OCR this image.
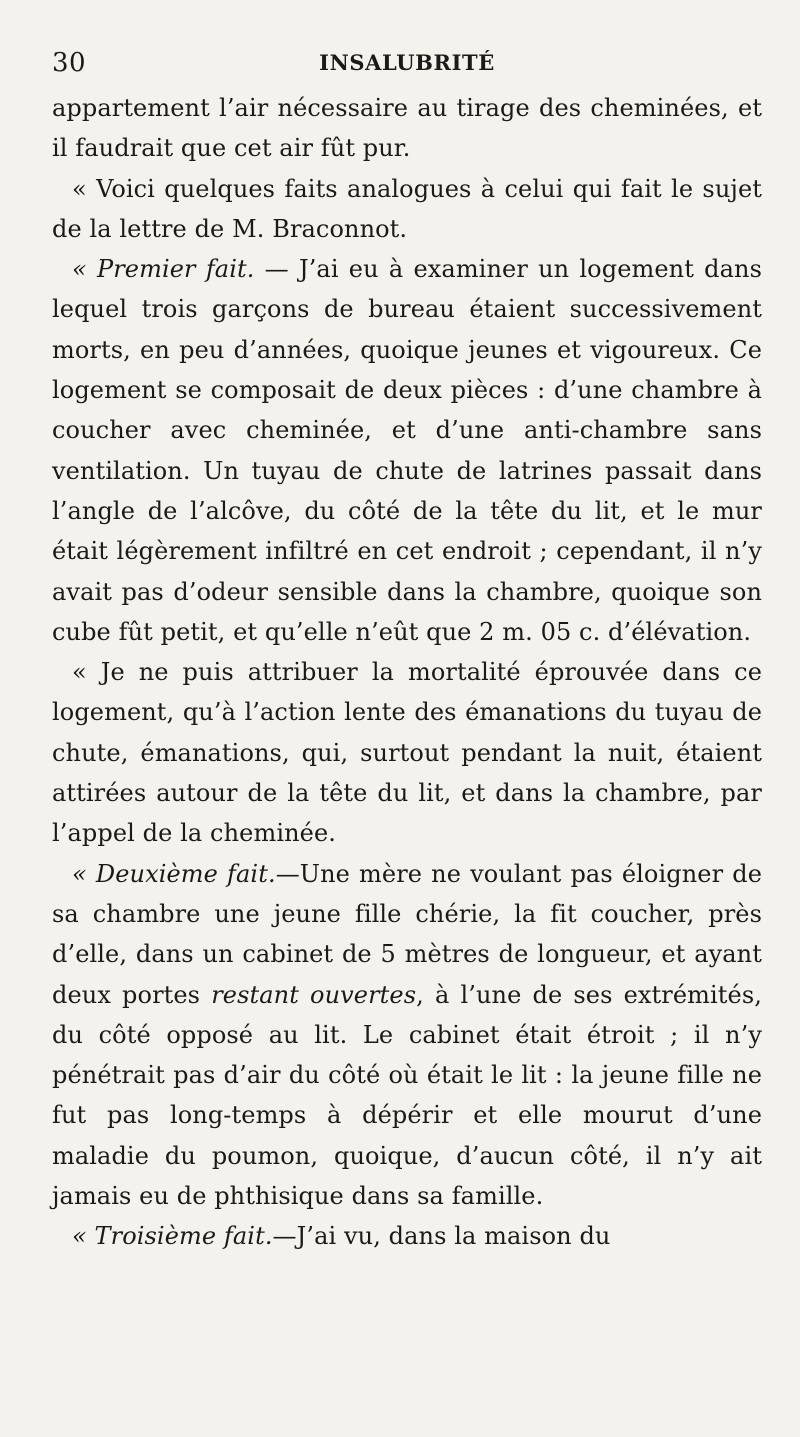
30	INSALUBRITÉ

appartement l’air nécessaire au tirage des cheminées, et il faudrait que cet air fût pur.

« Voici quelques faits analogues à celui qui fait le sujet de la lettre de M. Braconnot.

« Premier fait. — J’ai eu à examiner un logement dans lequel trois garçons de bureau étaient successivement morts, en peu d’années, quoique jeunes et vigoureux. Ce logement se composait de deux pièces : d’une chambre à coucher avec cheminée, et d’une anti-chambre sans ventilation. Un tuyau de chute de latrines passait dans l’angle de l’alcôve, du côté de la tête du lit, et le mur était légèrement infiltré en cet endroit ; cependant, il n’y avait pas d’odeur sensible dans la chambre, quoique son cube fût petit, et qu’elle n’eût que 2 m. 05 c. d’élévation.

« Je ne puis attribuer la mortalité éprouvée dans ce logement, qu’à l’action lente des émanations du tuyau de chute, émanations, qui, surtout pendant la nuit, étaient attirées autour de la tête du lit, et dans la chambre, par l’appel de la cheminée.

« Deuxième fait.—Une mère ne voulant pas éloigner de sa chambre une jeune fille chérie, la fit coucher, près d’elle, dans un cabinet de 5 mètres de longueur, et ayant deux portes restant ouvertes, à l’une de ses extrémités, du côté opposé au lit. Le cabinet était étroit ; il n’y pénétrait pas d’air du côté où était le lit : la jeune fille ne fut pas long-temps à dépérir et elle mourut d’une maladie du poumon, quoique, d’aucun côté, il n’y ait jamais eu de phthisique dans sa famille.

« Troisième fait.—J’ai vu, dans la maison du
